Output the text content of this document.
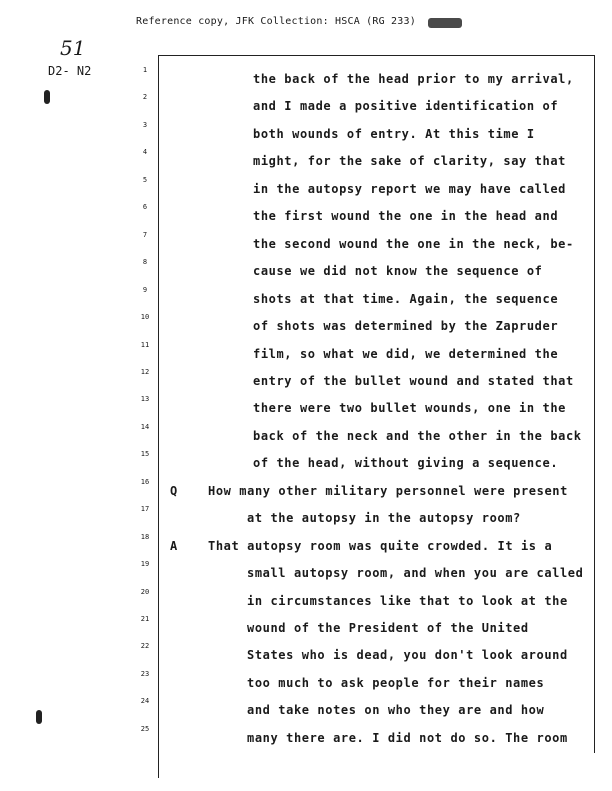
Reference copy, JFK Collection: HSCA (RG 233)
51
D2- N2	1
the back of the head prior to my arrival,
2
and I made a positive identification of
3
both wounds of entry. At this time I
4
might, for the sake of clarity, say that
5
in the autopsy report we may have called
6
the first wound the one in the head and
7
the second wound the one in the neck, be-
8
cause we did not know the sequence of
9
shots at that time. Again, the sequence
10
of shots was determined by the Zapruder
11
film, so what we did, we determined the
12
entry of the bullet wound and stated that
13
there were two bullet wounds, one in the
14
back of the neck and the other in the back
15
of the head, without giving a sequence.
16
Q	How many other military personnel were present
17
at the autopsy in the autopsy room?
18
A	That autopsy room was quite crowded. It is a
19
small autopsy room, and when you are called
20
in circumstances like that to look at the
21
wound of the President of the United
22
States who is dead, you don't look around
23
too much to ask people for their names
24
and take notes on who they are and how
25
many there are. I did not do so. The room
